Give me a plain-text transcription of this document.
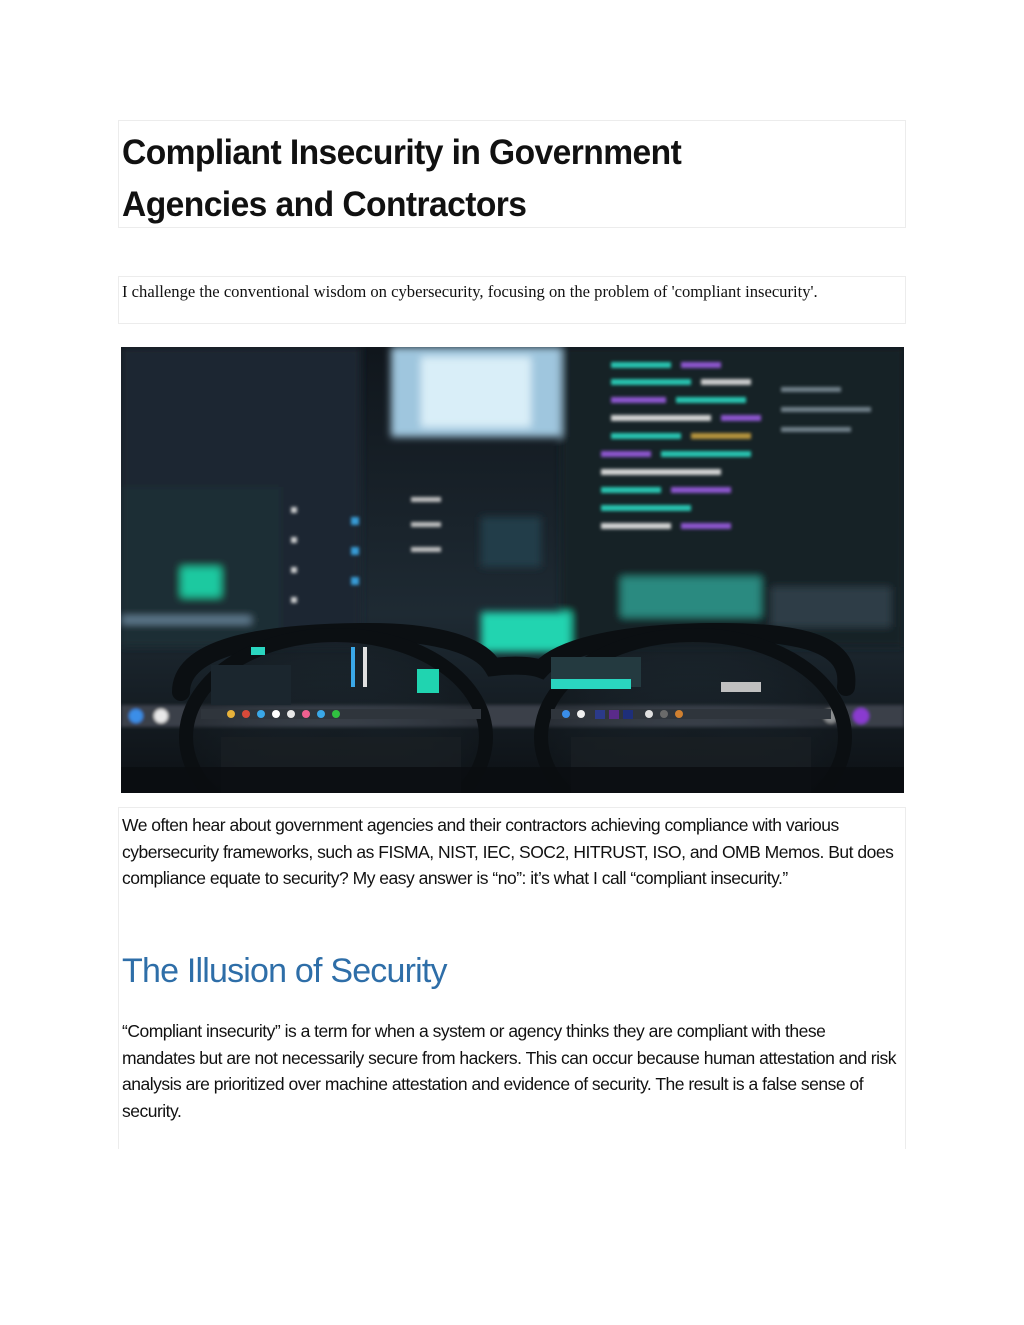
Compliant Insecurity in Government
Agencies and Contractors

I challenge the conventional wisdom on cybersecurity, focusing on the problem of 'compliant insecurity'.

We often hear about government agencies and their contractors achieving compliance with various cybersecurity frameworks, such as FISMA, NIST, IEC, SOC2, HITRUST, ISO, and OMB Memos. But does compliance equate to security? My easy answer is “no”: it’s what I call “compliant insecurity.”

The Illusion of Security

“Compliant insecurity” is a term for when a system or agency thinks they are compliant with these mandates but are not necessarily secure from hackers. This can occur because human attestation and risk analysis are prioritized over machine attestation and evidence of security. The result is a false sense of security.
